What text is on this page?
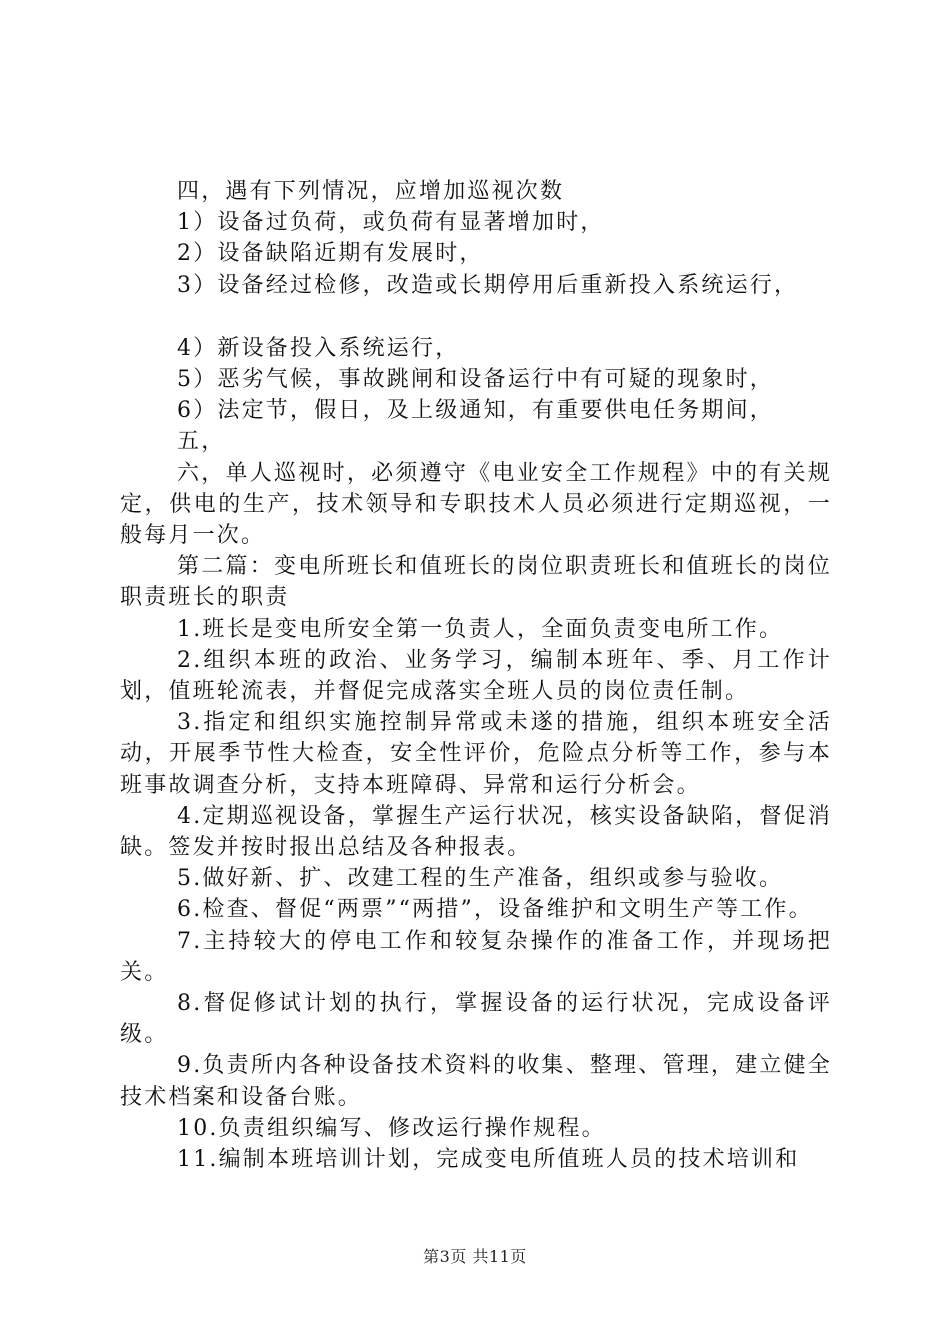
四，遇有下列情况，应增加巡视次数

1）设备过负荷，或负荷有显著增加时，

2）设备缺陷近期有发展时，

3）设备经过检修，改造或长期停用后重新投入系统运行，

4）新设备投入系统运行，

5）恶劣气候，事故跳闸和设备运行中有可疑的现象时，

6）法定节，假日，及上级通知，有重要供电任务期间，

五，

六，单人巡视时，必须遵守《电业安全工作规程》中的有关规定，供电的生产，技术领导和专职技术人员必须进行定期巡视，一般每月一次。

第二篇：变电所班长和值班长的岗位职责班长和值班长的岗位职责班长的职责

1.班长是变电所安全第一负责人，全面负责变电所工作。

2.组织本班的政治、业务学习，编制本班年、季、月工作计划，值班轮流表，并督促完成落实全班人员的岗位责任制。

3.指定和组织实施控制异常或未遂的措施，组织本班安全活动，开展季节性大检查，安全性评价，危险点分析等工作，参与本班事故调查分析，支持本班障碍、异常和运行分析会。

4.定期巡视设备，掌握生产运行状况，核实设备缺陷，督促消缺。签发并按时报出总结及各种报表。

5.做好新、扩、改建工程的生产准备，组织或参与验收。

6.检查、督促“两票”“两措”，设备维护和文明生产等工作。

7.主持较大的停电工作和较复杂操作的准备工作，并现场把关。

8.督促修试计划的执行，掌握设备的运行状况，完成设备评级。

9.负责所内各种设备技术资料的收集、整理、管理，建立健全技术档案和设备台账。

10.负责组织编写、修改运行操作规程。

11.编制本班培训计划，完成变电所值班人员的技术培训和

第3页 共11页
